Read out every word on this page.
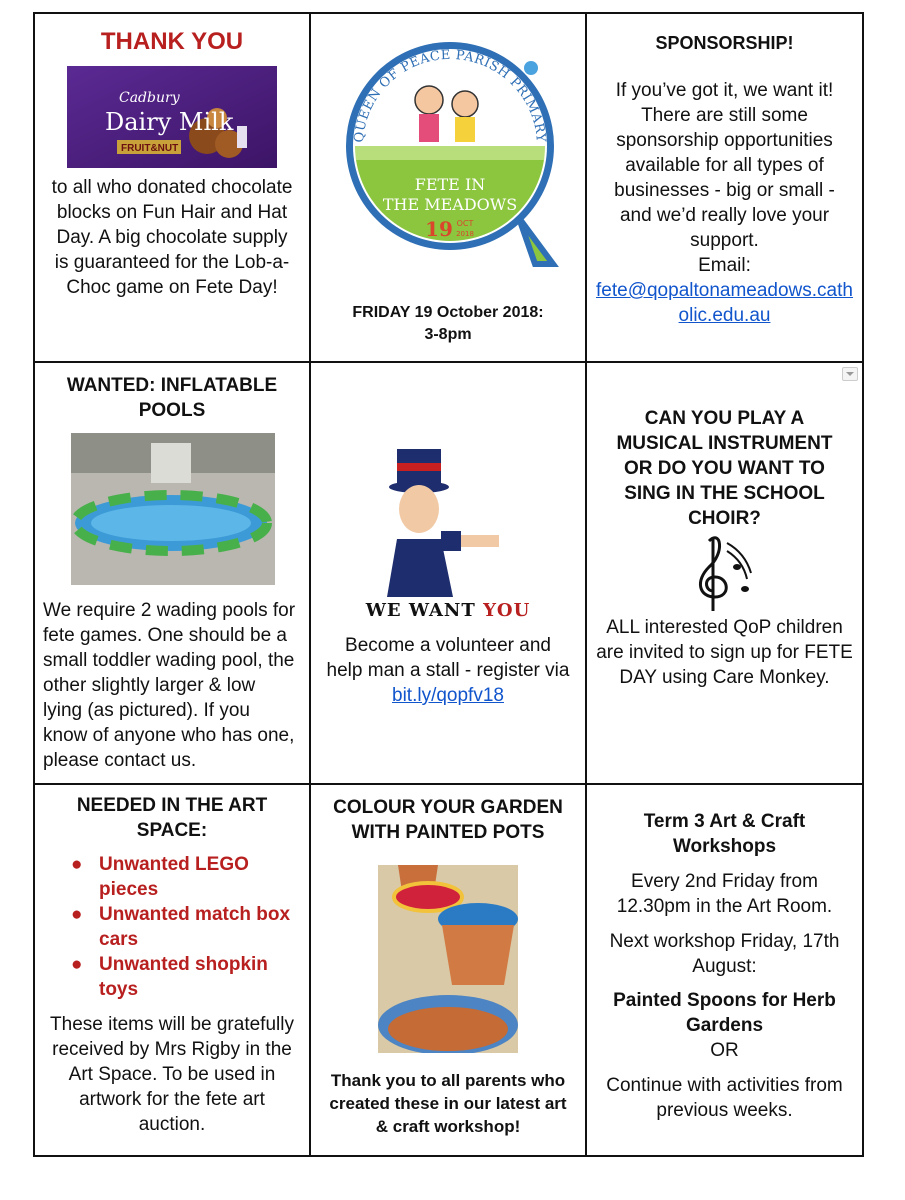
THANK YOU
Cadbury
Dairy Milk
FRUIT&NUT
to all who donated chocolate blocks on Fun Hair and Hat Day. A big chocolate supply is guaranteed for the Lob-a-Choc game on Fete Day!
QUEEN OF PEACE PARISH PRIMARY
FETE IN
THE MEADOWS
19 OCT
2018
FRIDAY 19 October 2018:
3-8pm
SPONSORSHIP!
If you’ve got it, we want it! There are still some sponsorship opportunities available for all types of businesses - big or small - and we’d really love your support.
Email:
fete@qopaltonameadows.catholic.edu.au
WANTED: INFLATABLE POOLS
We require 2 wading pools for fete games. One should be a small toddler wading pool, the other slightly larger & low lying (as pictured). If you know of anyone who has one, please contact us.
WE WANT YOU
Become a volunteer and help man a stall - register via bit.ly/qopfv18
CAN YOU PLAY A MUSICAL INSTRUMENT OR DO YOU WANT TO SING IN THE SCHOOL CHOIR?
ALL interested QoP children are invited to sign up for FETE DAY using Care Monkey.
NEEDED IN THE ART SPACE:
● Unwanted LEGO pieces
● Unwanted match box cars
● Unwanted shopkin toys
These items will be gratefully received by Mrs Rigby in the Art Space. To be used in artwork for the fete art auction.
COLOUR YOUR GARDEN WITH PAINTED POTS
Thank you to all parents who created these in our latest art & craft workshop!
Term 3 Art & Craft Workshops
Every 2nd Friday from 12.30pm in the Art Room.
Next workshop Friday, 17th August:
Painted Spoons for Herb Gardens
OR
Continue with activities from previous weeks.
